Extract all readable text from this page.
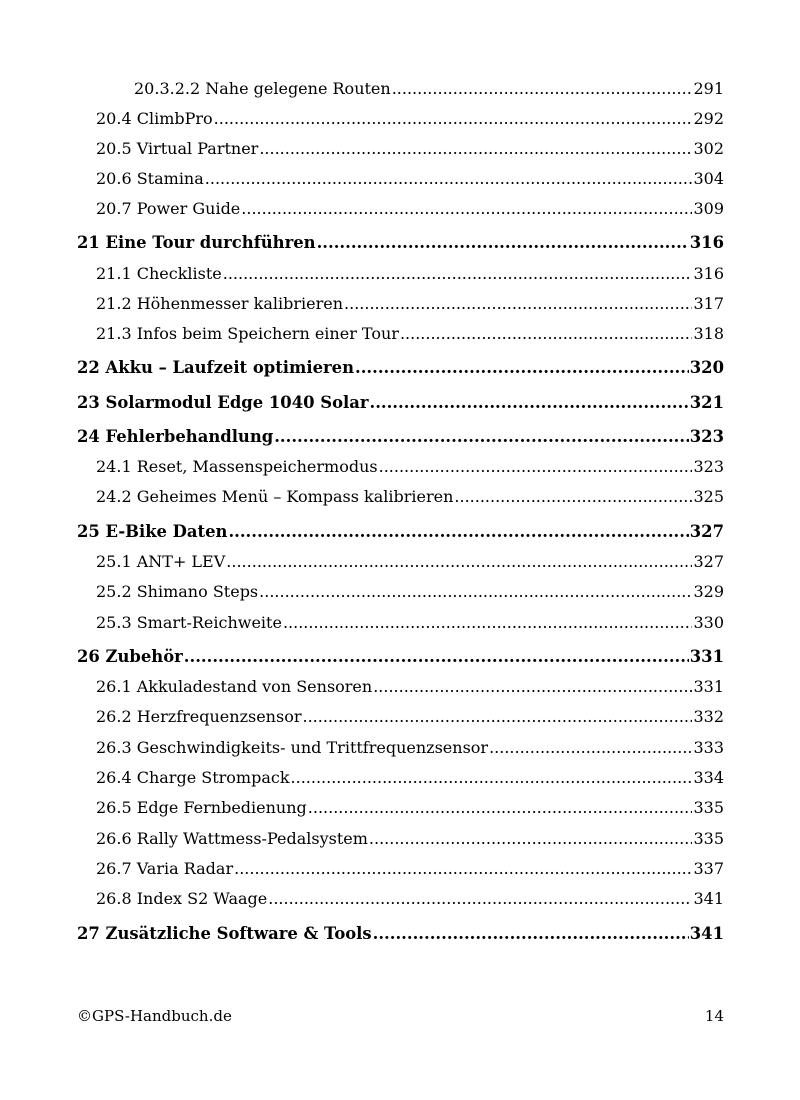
20.3.2.2 Nahe gelegene Routen .....	291
20.4 ClimbPro .....	292
20.5 Virtual Partner .....	302
20.6 Stamina .....	304
20.7 Power Guide .....	309
21 Eine Tour durchführen .....	316
21.1 Checkliste .....	316
21.2 Höhenmesser kalibrieren .....	317
21.3 Infos beim Speichern einer Tour .....	318
22 Akku – Laufzeit optimieren .....	320
23 Solarmodul Edge 1040 Solar .....	321
24 Fehlerbehandlung .....	323
24.1 Reset, Massenspeichermodus .....	323
24.2 Geheimes Menü – Kompass kalibrieren .....	325
25 E-Bike Daten .....	327
25.1 ANT+ LEV .....	327
25.2 Shimano Steps .....	329
25.3 Smart-Reichweite .....	330
26 Zubehör .....	331
26.1 Akkuladestand von Sensoren .....	331
26.2 Herzfrequenzsensor .....	332
26.3 Geschwindigkeits- und Trittfrequenzsensor .....	333
26.4 Charge Strompack .....	334
26.5 Edge Fernbedienung .....	335
26.6 Rally Wattmess-Pedalsystem .....	335
26.7 Varia Radar .....	337
26.8 Index S2 Waage .....	341
27 Zusätzliche Software & Tools .....	341
©GPS-Handbuch.de	14
